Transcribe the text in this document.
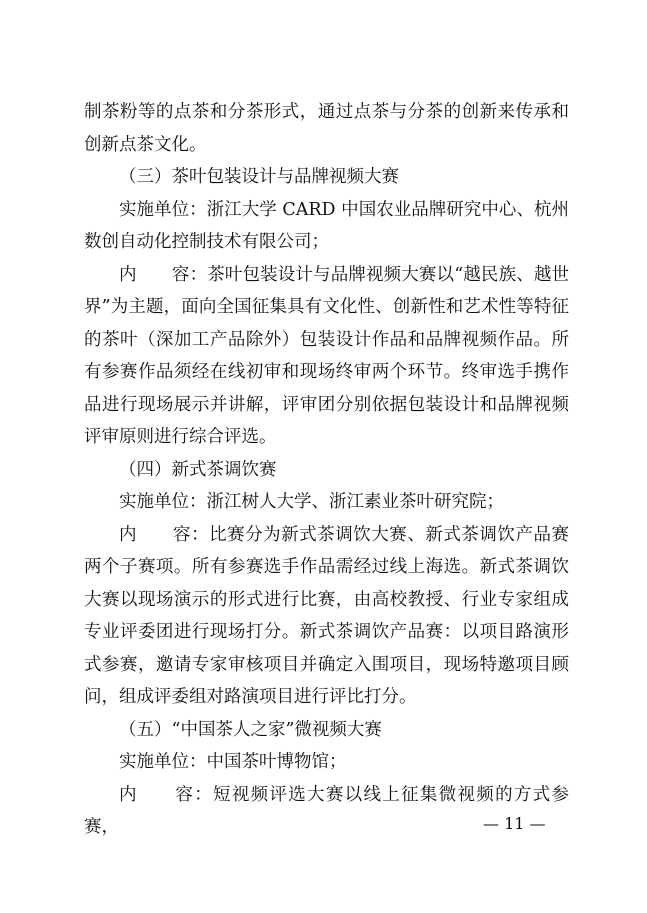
制茶粉等的点茶和分茶形式，通过点茶与分茶的创新来传承和创新点茶文化。

（三）茶叶包装设计与品牌视频大赛

实施单位：浙江大学 CARD 中国农业品牌研究中心、杭州数创自动化控制技术有限公司；

内　　容：茶叶包装设计与品牌视频大赛以“越民族、越世界”为主题，面向全国征集具有文化性、创新性和艺术性等特征的茶叶（深加工产品除外）包装设计作品和品牌视频作品。所有参赛作品须经在线初审和现场终审两个环节。终审选手携作品进行现场展示并讲解，评审团分别依据包装设计和品牌视频评审原则进行综合评选。

（四）新式茶调饮赛

实施单位：浙江树人大学、浙江素业茶叶研究院；

内　　容：比赛分为新式茶调饮大赛、新式茶调饮产品赛两个子赛项。所有参赛选手作品需经过线上海选。新式茶调饮大赛以现场演示的形式进行比赛，由高校教授、行业专家组成专业评委团进行现场打分。新式茶调饮产品赛：以项目路演形式参赛，邀请专家审核项目并确定入围项目，现场特邀项目顾问，组成评委组对路演项目进行评比打分。

（五）“中国茶人之家”微视频大赛

实施单位：中国茶叶博物馆；

内　　容：短视频评选大赛以线上征集微视频的方式参赛，	— 11 —
